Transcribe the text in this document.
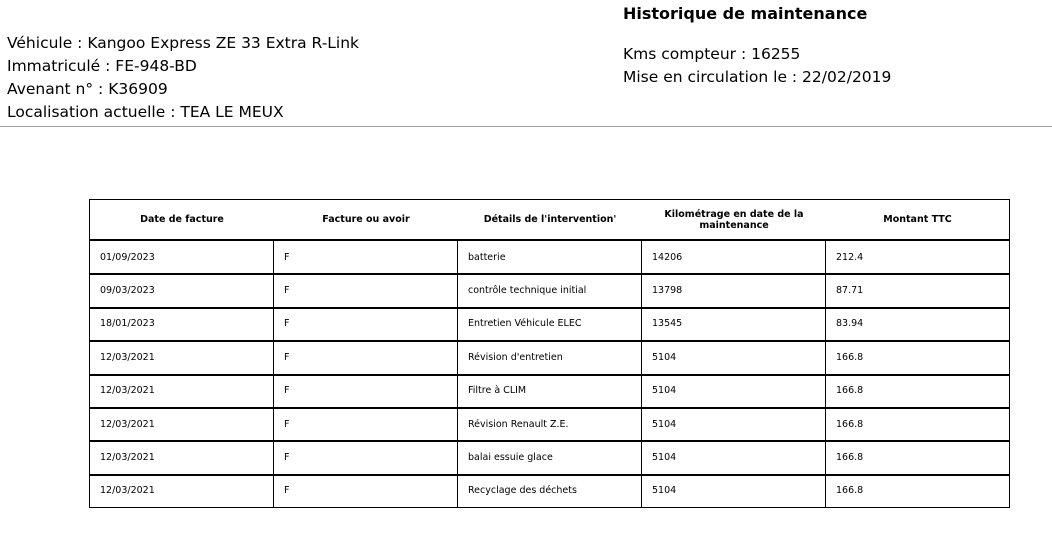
Historique de maintenance
Véhicule : Kangoo Express ZE 33 Extra R-Link
Immatriculé : FE-948-BD
Avenant n° : K36909
Localisation actuelle : TEA LE MEUX
Kms compteur : 16255
Mise en circulation le : 22/02/2019
Date de facture	Facture ou avoir	Détails de l'intervention'	Kilométrage en date de la maintenance	Montant TTC
01/09/2023	F	batterie	14206	212.4
09/03/2023	F	contrôle technique initial	13798	87.71
18/01/2023	F	Entretien Véhicule ELEC	13545	83.94
12/03/2021	F	Révision d'entretien	5104	166.8
12/03/2021	F	Filtre à CLIM	5104	166.8
12/03/2021	F	Révision Renault Z.E.	5104	166.8
12/03/2021	F	balai essuie glace	5104	166.8
12/03/2021	F	Recyclage des déchets	5104	166.8
